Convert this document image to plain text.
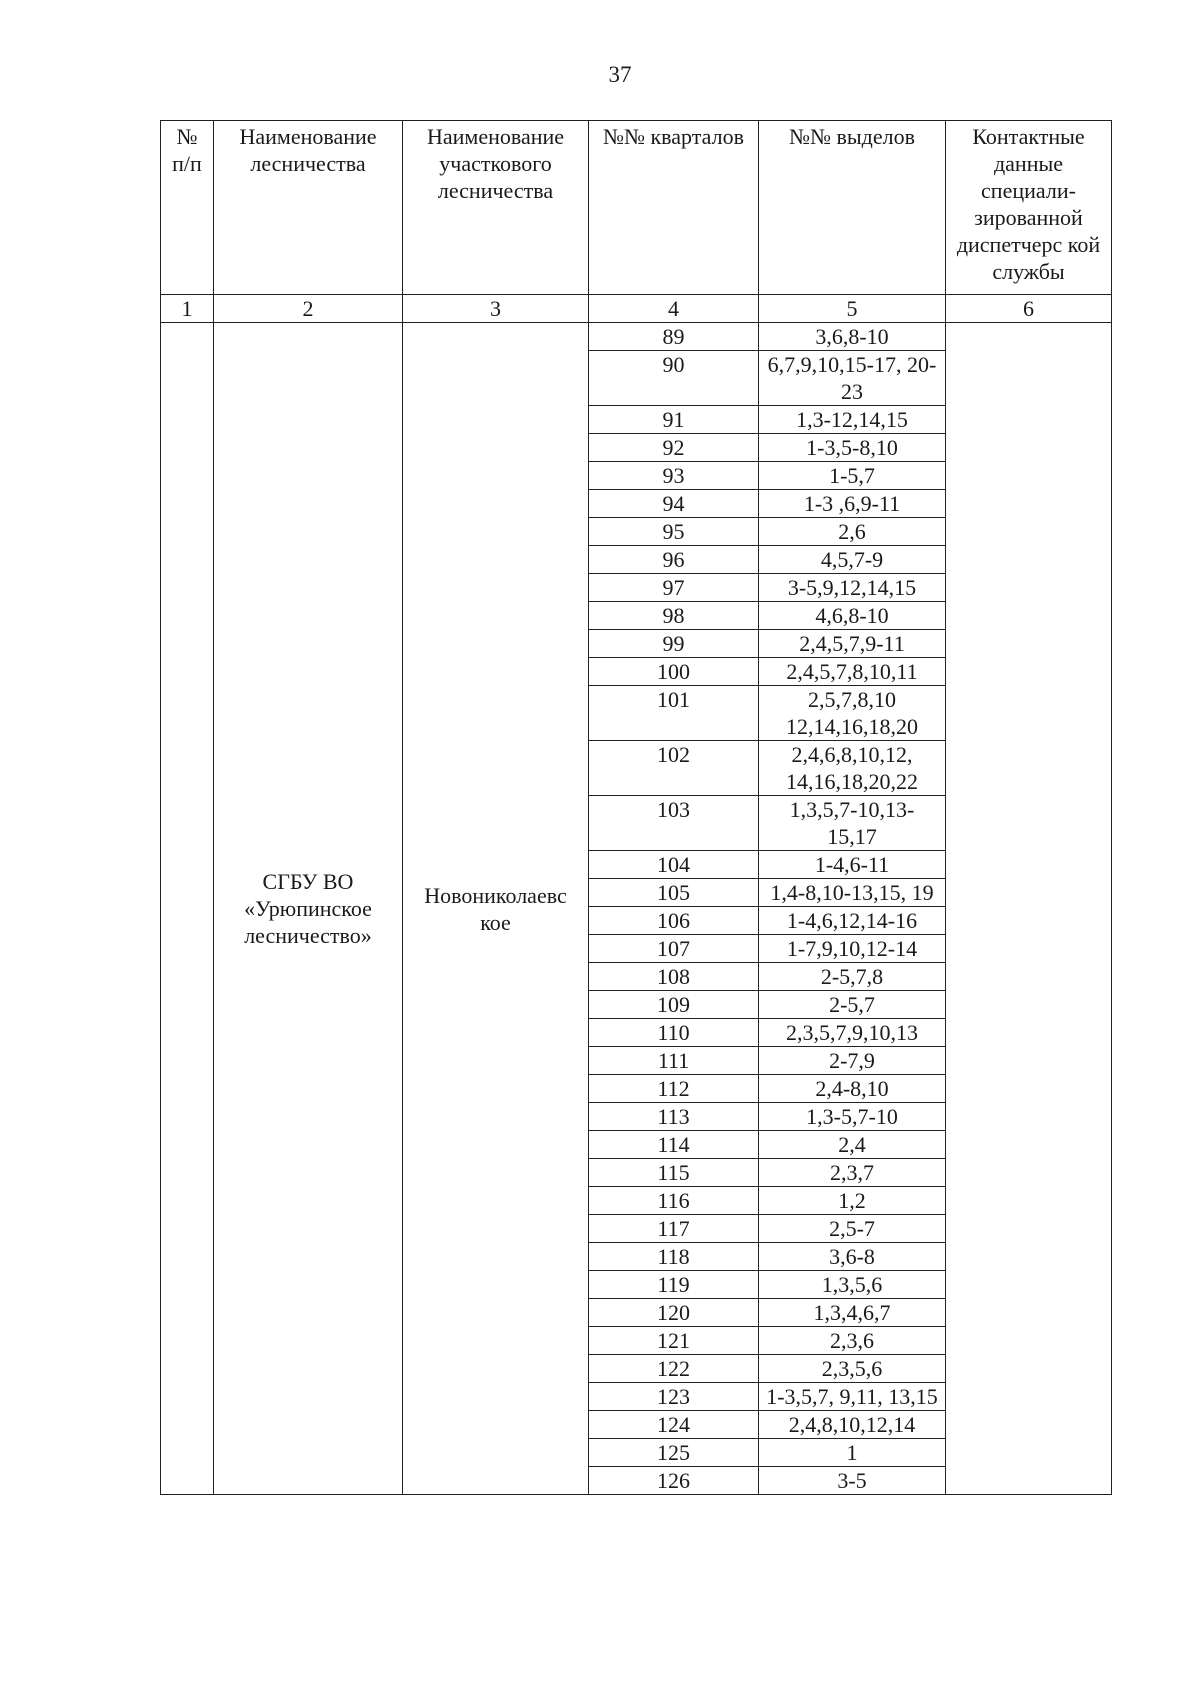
37
№ п/п	Наименование лесничества	Наименование участкового лесничества	№№ кварталов	№№ выделов	Контактные данные специали-зированной диспетчерс кой службы
1	2	3	4	5	6
	СГБУ ВО «Урюпинское лесничество»	Новониколаевс кое	89	3,6,8-10	
			90	6,7,9,10,15-17, 20-23	
			91	1,3-12,14,15	
			92	1-3,5-8,10	
			93	1-5,7	
			94	1-3 ,6,9-11	
			95	2,6	
			96	4,5,7-9	
			97	3-5,9,12,14,15	
			98	4,6,8-10	
			99	2,4,5,7,9-11	
			100	2,4,5,7,8,10,11	
			101	2,5,7,8,10 12,14,16,18,20	
			102	2,4,6,8,10,12, 14,16,18,20,22	
			103	1,3,5,7-10,13- 15,17	
			104	1-4,6-11	
			105	1,4-8,10-13,15, 19	
			106	1-4,6,12,14-16	
			107	1-7,9,10,12-14	
			108	2-5,7,8	
			109	2-5,7	
			110	2,3,5,7,9,10,13	
			111	2-7,9	
			112	2,4-8,10	
			113	1,3-5,7-10	
			114	2,4	
			115	2,3,7	
			116	1,2	
			117	2,5-7	
			118	3,6-8	
			119	1,3,5,6	
			120	1,3,4,6,7	
			121	2,3,6	
			122	2,3,5,6	
			123	1-3,5,7, 9,11, 13,15	
			124	2,4,8,10,12,14	
			125	1	
			126	3-5	
